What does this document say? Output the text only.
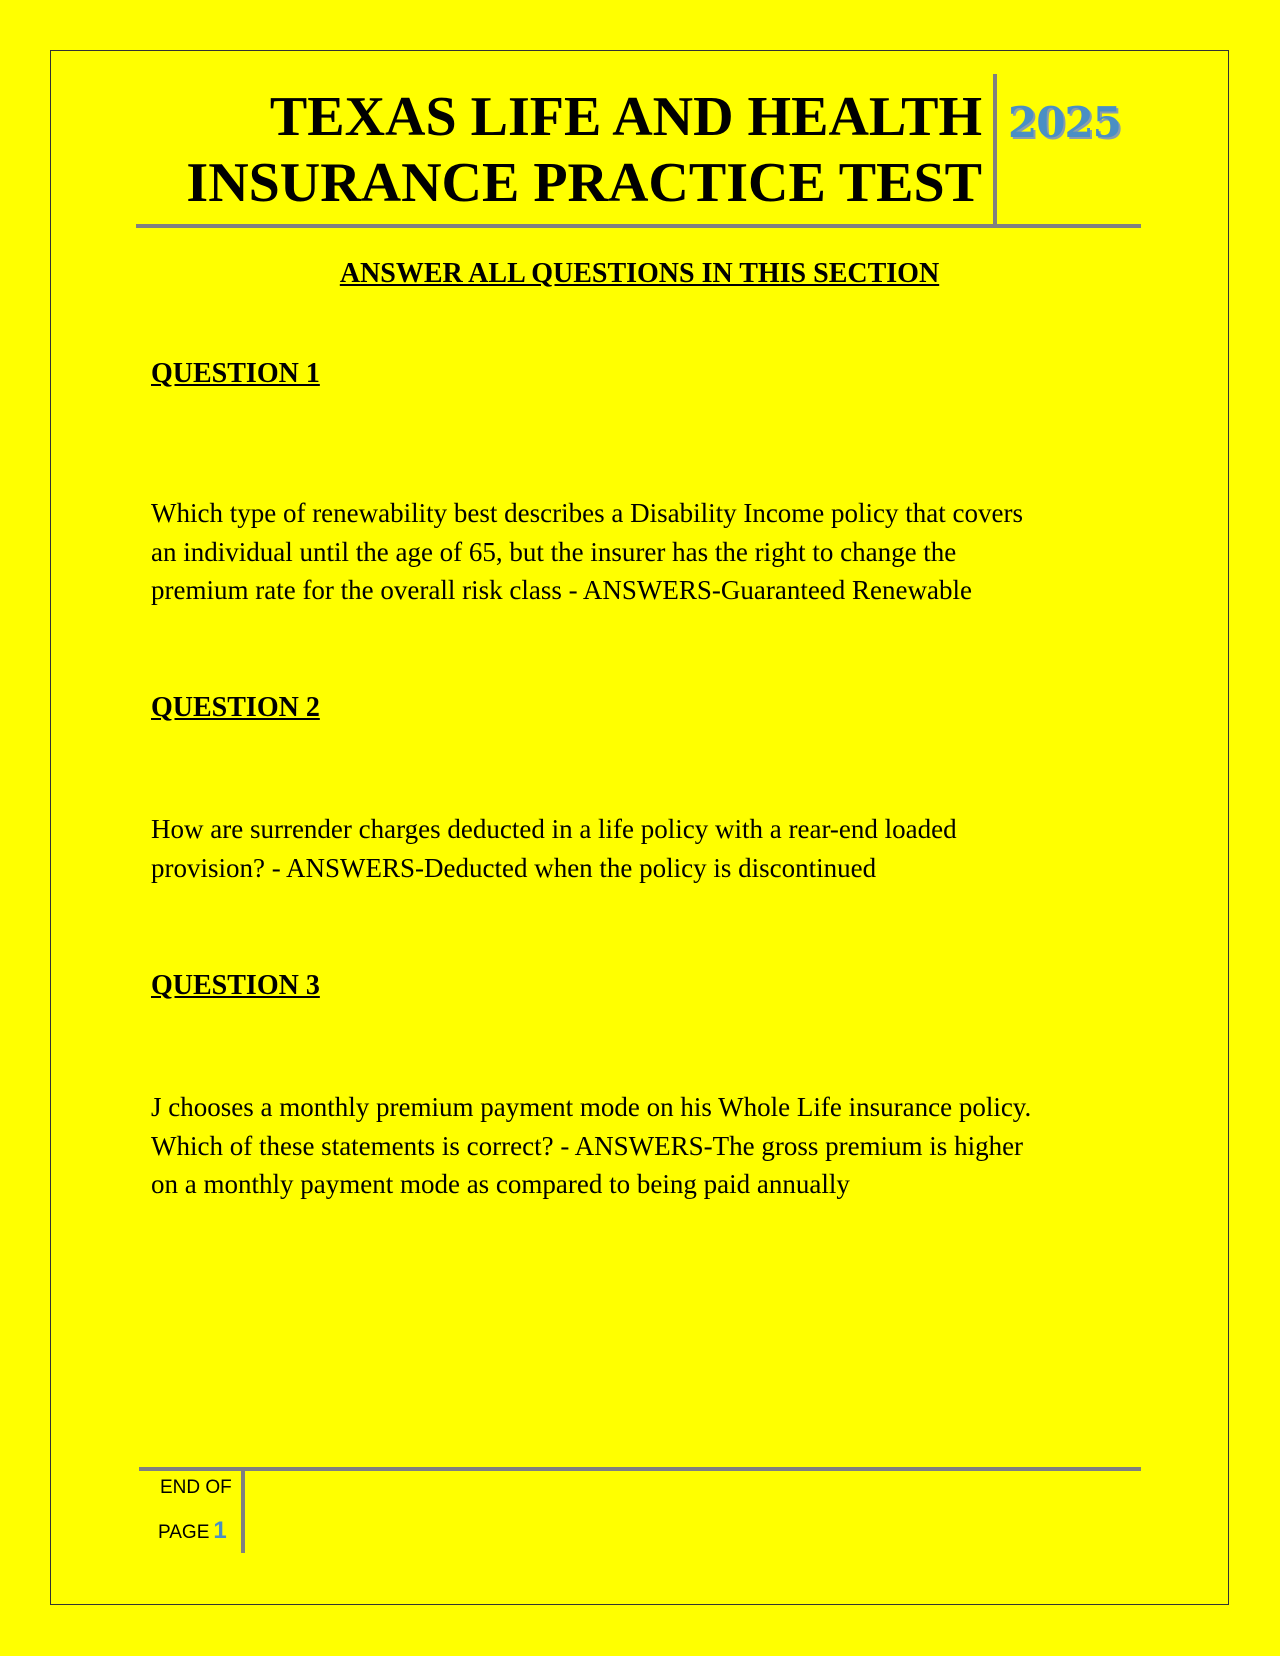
TEXAS LIFE AND HEALTH
INSURANCE PRACTICE TEST
2025
ANSWER ALL QUESTIONS IN THIS SECTION
QUESTION 1
Which type of renewability best describes a Disability Income policy that covers
an individual until the age of 65, but the insurer has the right to change the
premium rate for the overall risk class - ANSWERS-Guaranteed Renewable
QUESTION 2
How are surrender charges deducted in a life policy with a rear-end loaded
provision? - ANSWERS-Deducted when the policy is discontinued
QUESTION 3
J chooses a monthly premium payment mode on his Whole Life insurance policy.
Which of these statements is correct? - ANSWERS-The gross premium is higher
on a monthly payment mode as compared to being paid annually
END OF
PAGE 1
